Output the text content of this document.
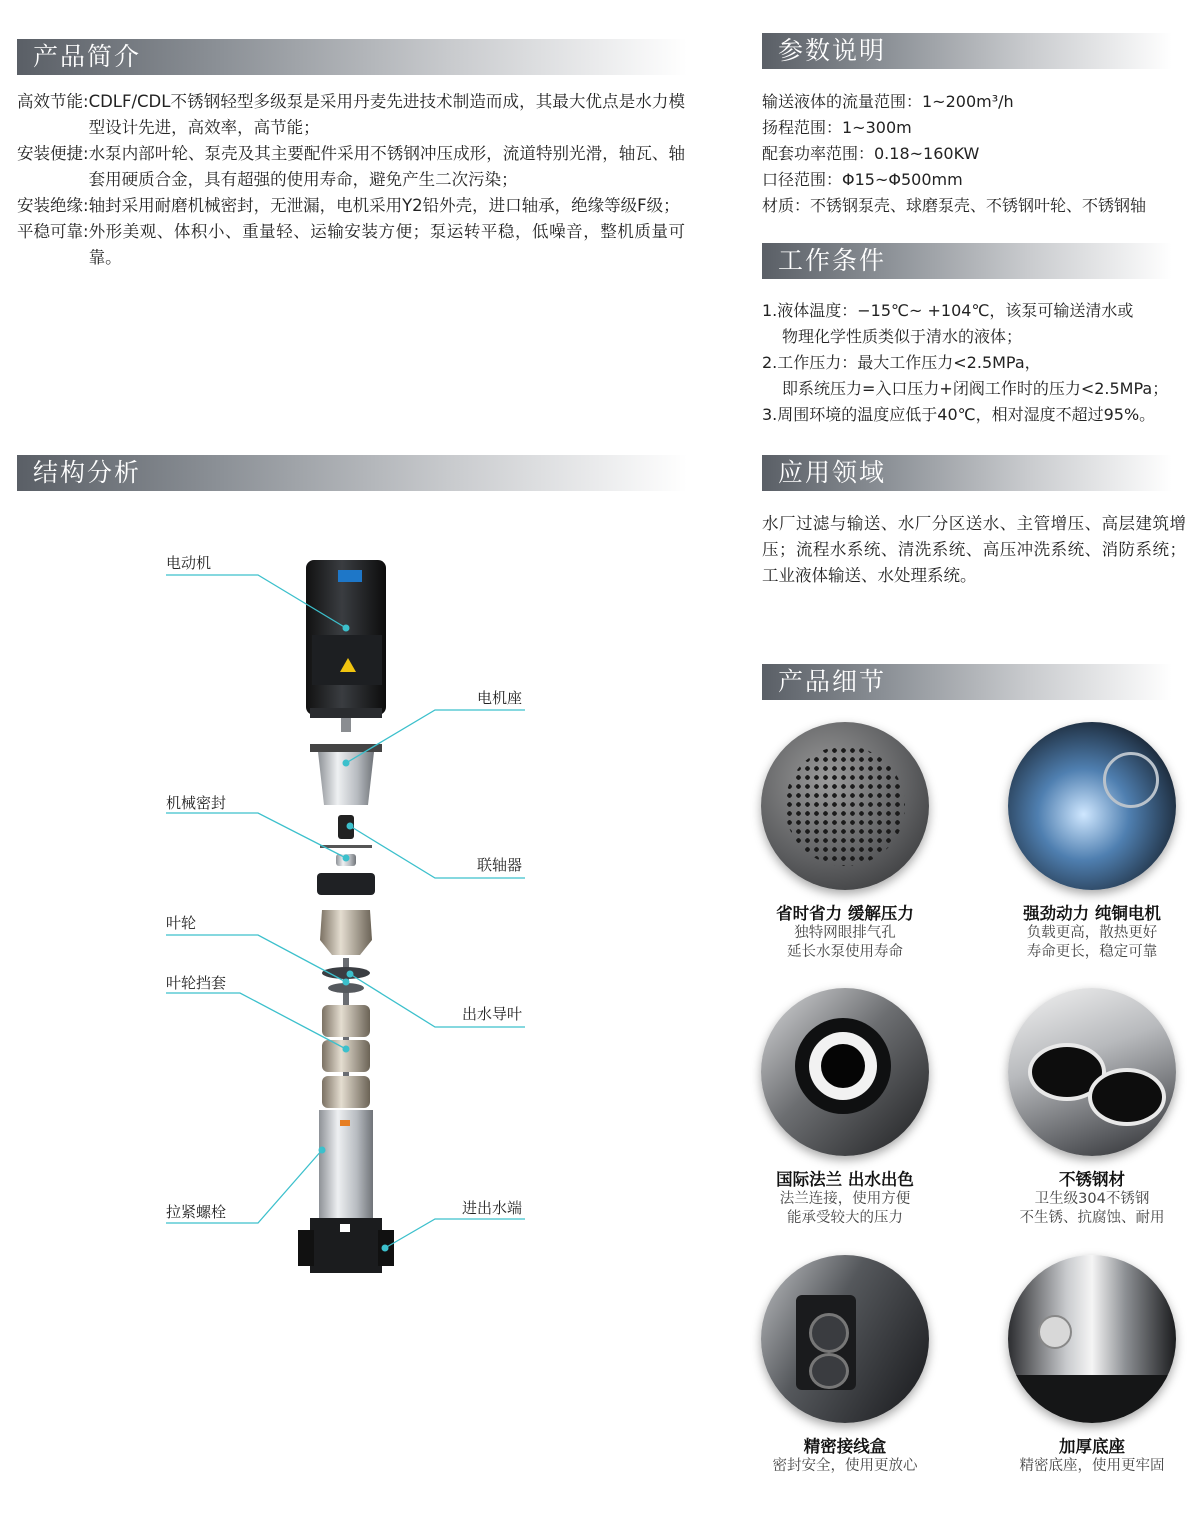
产品简介
高效节能: CDLF/CDL不锈钢轻型多级泵是采用丹麦先进技术制造而成，其最大优点是水力模型设计先进，高效率，高节能；
安装便捷: 水泵内部叶轮、泵壳及其主要配件采用不锈钢冲压成形，流道特别光滑，轴瓦、轴套用硬质合金，具有超强的使用寿命，避免产生二次污染；
安装绝缘: 轴封采用耐磨机械密封，无泄漏，电机采用Y2铅外壳，进口轴承，绝缘等级F级；
平稳可靠: 外形美观、体积小、重量轻、运输安装方便；泵运转平稳，低噪音，整机质量可靠。
参数说明
输送液体的流量范围：1~200m³/h
扬程范围：1~300m
配套功率范围：0.18~160KW
口径范围：Φ15~Φ500mm
材质：不锈钢泵壳、球磨泵壳、不锈钢叶轮、不锈钢轴
工作条件
1.液体温度：−15℃~ +104℃，该泵可输送清水或
物理化学性质类似于清水的液体；
2.工作压力：最大工作压力<2.5MPa，
即系统压力=入口压力+闭阀工作时的压力<2.5MPa；
3.周围环境的温度应低于40℃，相对湿度不超过95%。
结构分析
电动机
电机座
机械密封
联轴器
叶轮
叶轮挡套
出水导叶
拉紧螺栓	进出水端
应用领域
水厂过滤与输送、水厂分区送水、主管增压、高层建筑增压；流程水系统、清洗系统、高压冲洗系统、消防系统；工业液体输送、水处理系统。
产品细节
省时省力 缓解压力
独特网眼排气孔
延长水泵使用寿命
强劲动力 纯铜电机
负载更高，散热更好
寿命更长，稳定可靠
国际法兰 出水出色
法兰连接，使用方便
能承受较大的压力
不锈钢材
卫生级304不锈钢
不生锈、抗腐蚀、耐用
精密接线盒
密封安全，使用更放心
加厚底座
精密底座，使用更牢固
